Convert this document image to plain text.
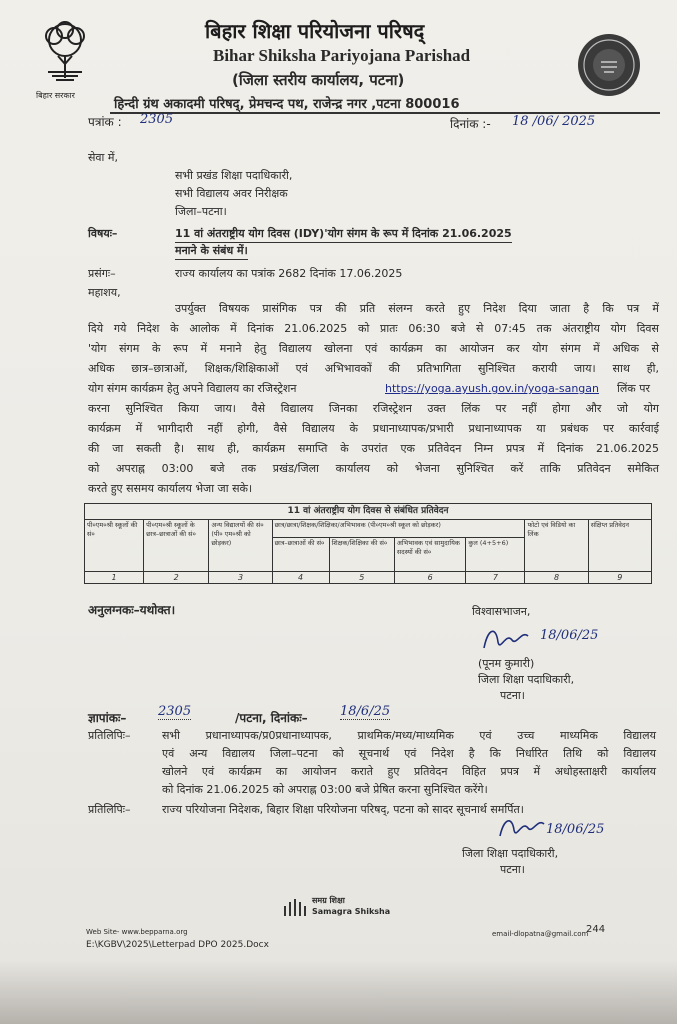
बिहार सरकार
बिहार शिक्षा परियोजना परिषद्
Bihar Shiksha Pariyojana Parishad
(जिला स्तरीय कार्यालय, पटना)
हिन्दी ग्रंथ अकादमी परिषद्, प्रेमचन्द पथ, राजेन्द्र नगर ,पटना 800016
पत्रांक : 2305	दिनांक :- 18 /06/ 2025
सेवा में,
सभी प्रखंड शिक्षा पदाधिकारी,
सभी विद्यालय अवर निरीक्षक
जिला–पटना।
विषयः–	11 वां अंतराष्ट्रीय योग दिवस (IDY)'योग संगम के रूप में दिनांक 21.06.2025
मनाने के संबंध में।
प्रसंगः–	राज्य कार्यालय का पत्रांक 2682 दिनांक 17.06.2025
महाशय,
उपर्युक्त विषयक प्रासंगिक पत्र की प्रति संलग्न करते हुए निदेश दिया जाता है कि पत्र में
दिये गये निदेश के आलोक में दिनांक 21.06.2025 को प्रातः 06:30 बजे से 07:45 तक अंतराष्ट्रीय योग दिवस
'योग संगम के रूप में मनाने हेतु विद्यालय खोलना एवं कार्यक्रम का आयोजन कर योग संगम में अधिक से
अधिक छात्र–छात्राओं, शिक्षक/शिक्षिकाओं एवं अभिभावकों की प्रतिभागिता सुनिश्चित करायी जाय। साथ ही,
योग संगम कार्यक्रम हेतु अपने विद्यालय का रजिस्ट्रेशन	https://yoga.ayush.gov.in/yoga-sangan लिंक पर
करना सुनिश्चित किया जाय। वैसे विद्यालय जिनका रजिस्ट्रेशन उक्त लिंक पर नहीं होगा और जो योग
कार्यक्रम में भागीदारी नहीं होगी, वैसे विद्यालय के प्रधानाध्यापक/प्रभारी प्रधानाध्यापक या प्रबंधक पर कार्रवाई
की जा सकती है। साथ ही, कार्यक्रम समाप्ति के उपरांत एक प्रतिवेदन निम्न प्रपत्र में दिनांक 21.06.2025
को अपराह्न 03:00 बजे तक प्रखंड/जिला कार्यालय को भेजना सुनिश्चित करें ताकि प्रतिवेदन समेकित
करते हुए ससमय कार्यालय भेजा जा सके।
11 वां अंतराष्ट्रीय योग दिवस से संबंधित प्रतिवेदन								
पी०एम०श्री स्कूलों की सं०	पी०एम०श्री स्कूलों के छात्र–छात्राओं की सं०	अन्य विद्यालयों की सं० (पी० एम०श्री को छोड़कर)	छात्र/छात्रा/शिक्षक/शिक्षिका/अभिभावक (पी०एम०श्री स्कूल को छोड़कर)				फोटो एवं विडियो का लिंक	संक्षिप्त प्रतिवेदन
			छात्र–छात्राओं की सं०	शिक्षक/शिक्षिका की सं०	अभिभावक एवं सामुदायिक सदस्यों की सं०	कुल (4+5+6)		
1	2	3	4	5	6	7	8	9
अनुलग्नकः–यथोक्त।	विश्वासभाजन,
18/06/25
(पूनम कुमारी)
जिला शिक्षा पदाधिकारी,
पटना।
ज्ञापांकः– 2305	/पटना, दिनांकः– 18/6/25
प्रतिलिपिः–	सभी प्रधानाध्यापक/प्र0प्रधानाध्यापक, प्राथमिक/मध्य/माध्यमिक एवं उच्च माध्यमिक विद्यालय
एवं अन्य विद्यालय जिला–पटना को सूचनार्थ एवं निदेश है कि निर्धारित तिथि को विद्यालय
खोलने एवं कार्यक्रम का आयोजन कराते हुए प्रतिवेदन विहित प्रपत्र में अधोहस्ताक्षरी कार्यालय
को दिनांक 21.06.2025 को अपराह्न 03:00 बजे प्रेषित करना सुनिश्चित करेंगे।
प्रतिलिपिः–	राज्य परियोजना निदेशक, बिहार शिक्षा परियोजना परिषद्, पटना को सादर सूचनार्थ समर्पित।
18/06/25
जिला शिक्षा पदाधिकारी,
पटना।
समग्र शिक्षा
Samagra Shiksha
Web Site- www.bepparna.org	email-dlopatna@gmail.com
244
E:\KGBV\2025\Letterpad DPO 2025.Docx
